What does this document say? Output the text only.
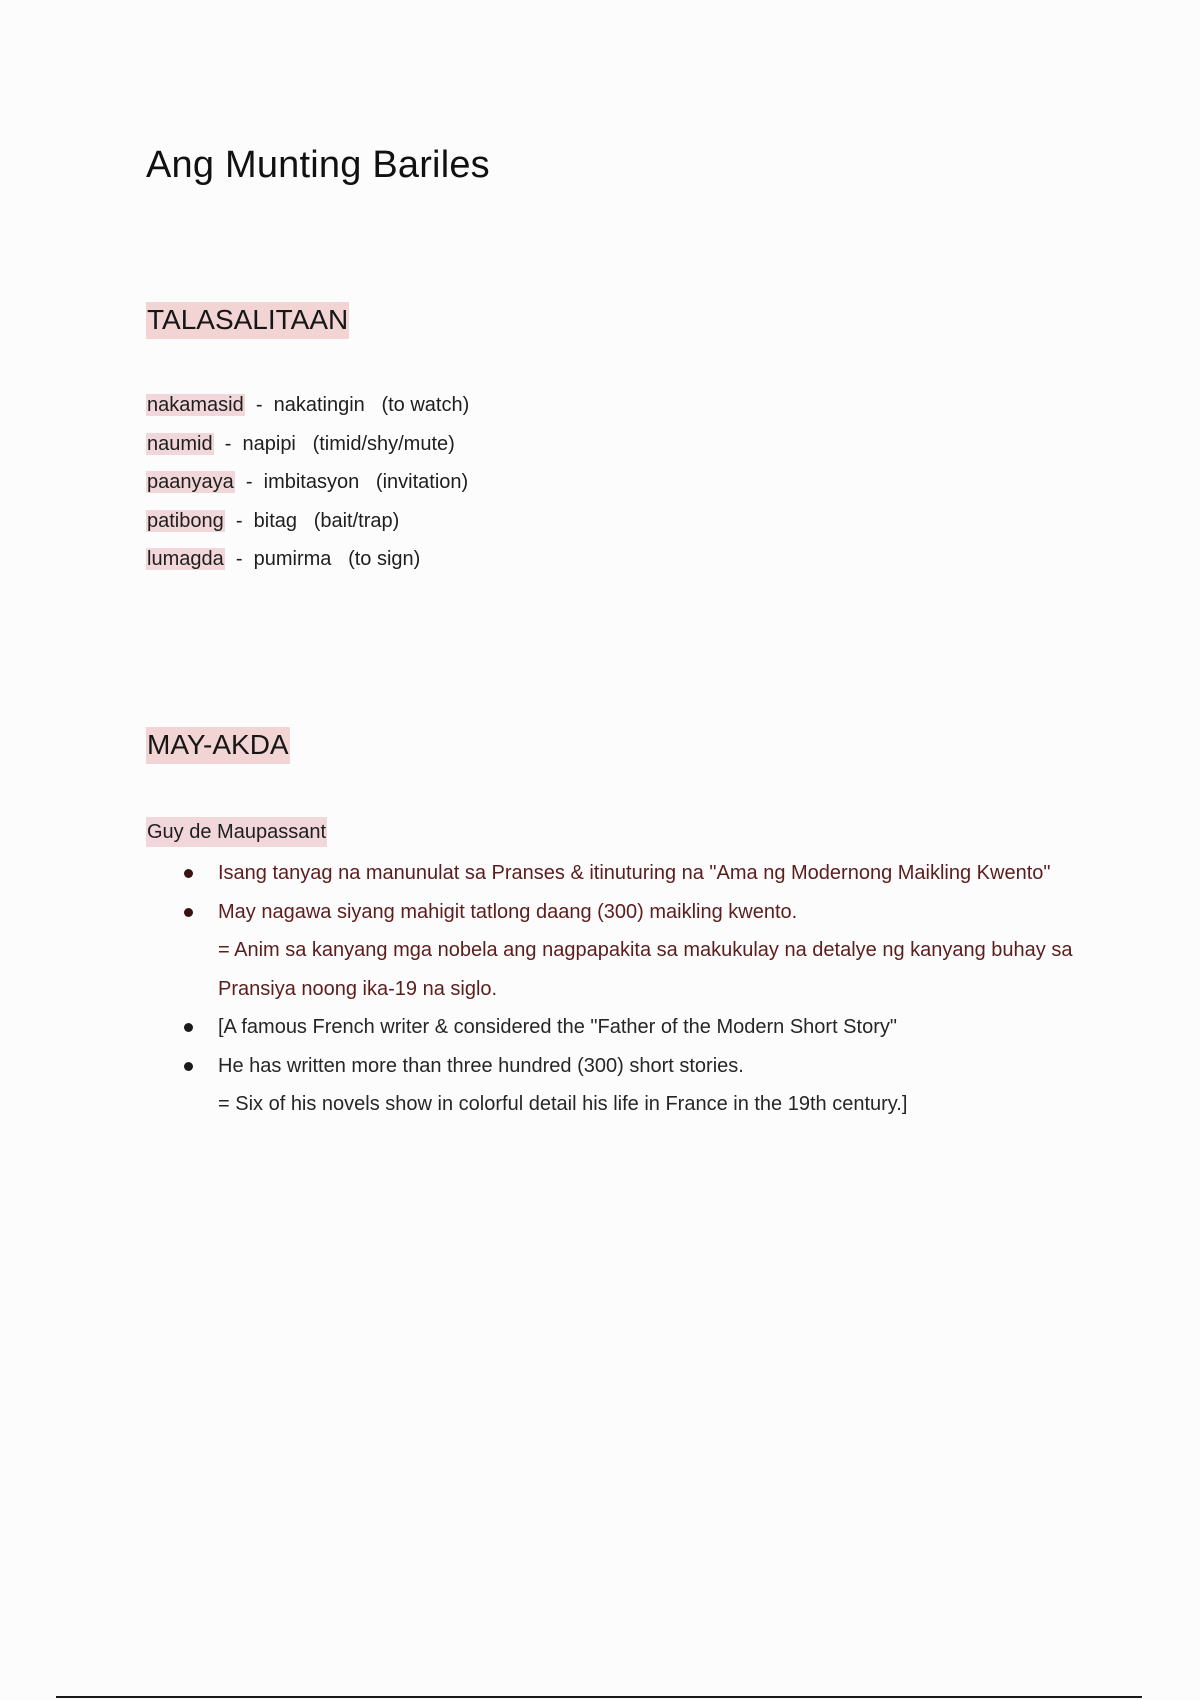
Ang Munting Bariles
TALASALITAAN
nakamasid  -  nakatingin (to watch)
naumid  -  napipi (timid/shy/mute)
paanyaya  -  imbitasyon (invitation)
patibong  -  bitag (bait/trap)
lumagda  -  pumirma (to sign)
MAY-AKDA
Guy de Maupassant
Isang tanyag na manunulat sa Pranses & itinuturing na "Ama ng Modernong Maikling Kwento"
May nagawa siyang mahigit tatlong daang (300) maikling kwento.
= Anim sa kanyang mga nobela ang nagpapakita sa makukulay na detalye ng kanyang buhay sa Pransiya noong ika-19 na siglo.
[A famous French writer & considered the "Father of the Modern Short Story"
He has written more than three hundred (300) short stories.
= Six of his novels show in colorful detail his life in France in the 19th century.]
